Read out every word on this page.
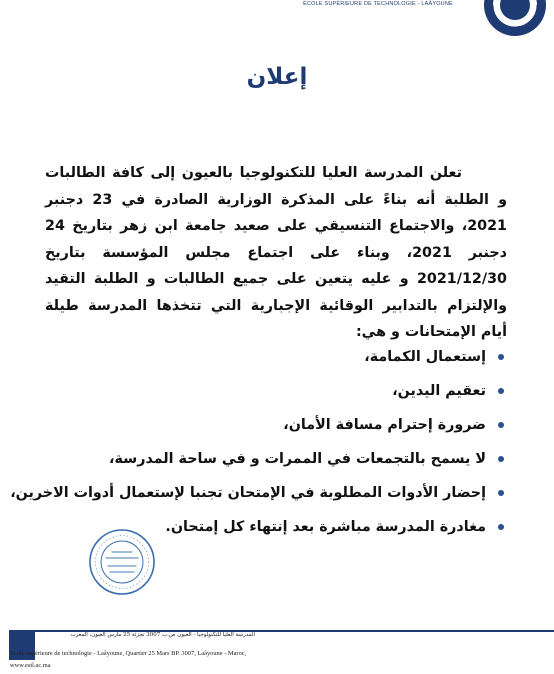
ÉCOLE SUPÉRIEURE DE TECHNOLOGIE - LAÂYOUNE
إعلان

تعلن المدرسة العليا للتكنولوجيا بالعيون إلى كافة الطالبات و الطلبة أنه بناءً على المذكرة الوزارية الصادرة في 23 دجنبر 2021، والاجتماع التنسيقي على صعيد جامعة ابن زهر بتاريخ 24 دجنبر 2021، وبناء على اجتماع مجلس المؤسسة بتاريخ 2021/12/30 و عليه يتعين على جميع الطالبات و الطلبة التقيد والإلتزام بالتدابير الوقائية الإجبارية التي تتخذها المدرسة طيلة أيام الإمتحانات و هي:

إستعمال الكمامة،
تعقيم اليدين،
ضرورة إحترام مسافة الأمان،
لا يسمح بالتجمعات في الممرات و في ساحة المدرسة،
إحضار الأدوات المطلوبة في الإمتحان تجنبا لإستعمال أدوات الاخرين،
مغادرة المدرسة مباشرة بعد إنتهاء كل إمتحان.
المدرسة العليا للتكنولوجيا - العيون ص.ب 3007 تجزئة 25 مارس العيون، المغرب
Ecole supérieure de technologie - Laâyoune, Quartier 25 Mars BP. 3007, Laâyoune - Maroc,
www.estl.ac.ma
